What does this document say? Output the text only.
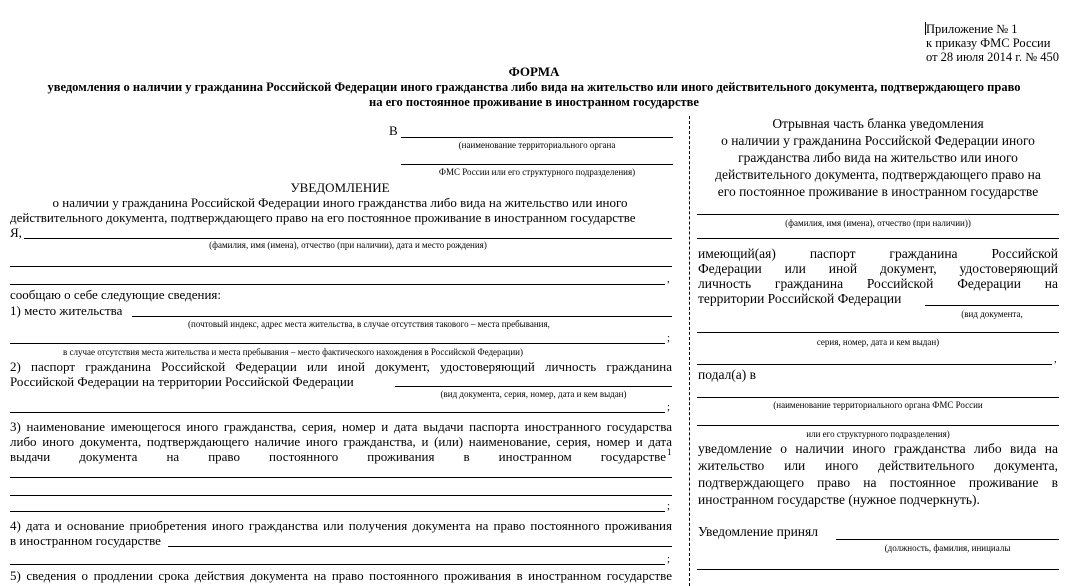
Приложение № 1
к приказу ФМС России
от 28 июля 2014 г. № 450
ФОРМА
уведомления о наличии у гражданина Российской Федерации иного гражданства либо вида на жительство или иного действительного документа, подтверждающего право
на его постоянное проживание в иностранном государстве
В
(наименование территориального органа
ФМС России или его структурного подразделения)
УВЕДОМЛЕНИЕ
о наличии у гражданина Российской Федерации иного гражданства либо вида на жительство или иного
действительного документа, подтверждающего право на его постоянное проживание в иностранном государстве
Я,
(фамилия, имя (имена), отчество (при наличии), дата и место рождения)
,
сообщаю о себе следующие сведения:
1) место жительства
(почтовый индекс, адрес места жительства, в случае отсутствия такового – места пребывания,
;
в случае отсутствия места жительства и места пребывания – место фактического нахождения в Российской Федерации)
2) паспорт гражданина Российской Федерации или иной документ, удостоверяющий личность гражданина
Российской Федерации на территории Российской Федерации
(вид документа, серия, номер, дата и кем выдан)
;
3) наименование имеющегося иного гражданства, серия, номер и дата выдачи паспорта иностранного государства
либо иного документа, подтверждающего наличие иного гражданства, и (или) наименование, серия, номер и дата
выдачи документа на право постоянного проживания в иностранном государстве 1
;
4) дата и основание приобретения иного гражданства или получения документа на право постоянного проживания
в иностранном государстве
;
5) сведения о продлении срока действия документа на право постоянного проживания в иностранном государстве
Отрывная часть бланка уведомления
о наличии у гражданина Российской Федерации иного
гражданства либо вида на жительство или иного
действительного документа, подтверждающего право на
его постоянное проживание в иностранном государстве
(фамилия, имя (имена), отчество (при наличии))
имеющий(ая) паспорт гражданина Российской
Федерации или иной документ, удостоверяющий
личность гражданина Российской Федерации на
территории Российской Федерации
(вид документа,
серия, номер, дата и кем выдан)
,
подал(а) в
(наименование территориального органа ФМС России
или его структурного подразделения)
уведомление о наличии иного гражданства либо вида на
жительство или иного действительного документа,
подтверждающего право на постоянное проживание в
иностранном государстве (нужное подчеркнуть).
Уведомление принял
(должность, фамилия, инициалы
